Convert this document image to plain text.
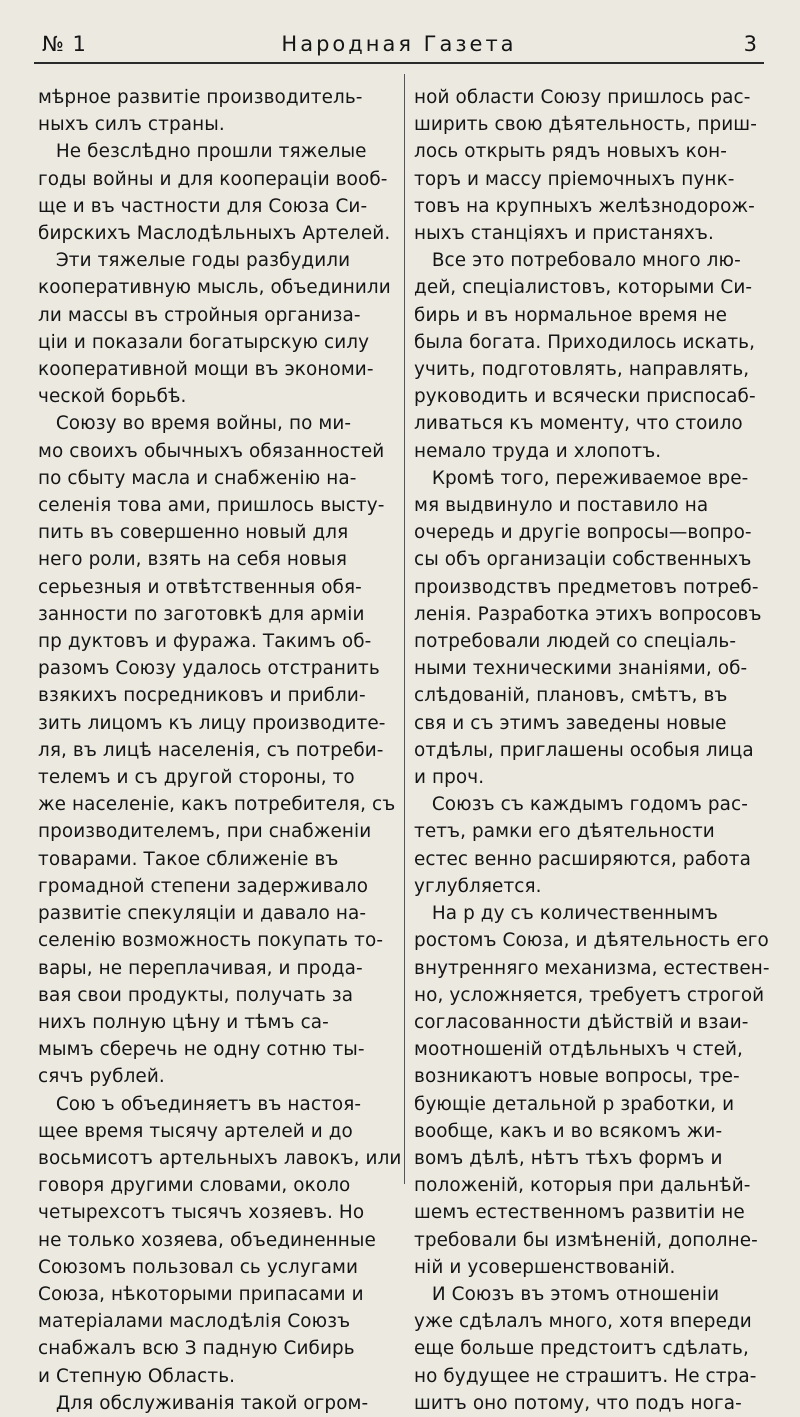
№ 1	Народная Газета	3

мѣрное развитіе производитель-
ныхъ силъ страны.
Не безслѣдно прошли тяжелые
годы войны и для коопераціи вооб-
ще и въ частности для Союза Си-
бирскихъ Маслодѣльныхъ Артелей.
Эти тяжелые годы разбудили
кооперативную мысль, объединили
ли массы въ стройныя организа-
ціи и показали богатырскую силу
кооперативной мощи въ экономи-
ческой борьбѣ.
Союзу во время войны, по ми-
мо своихъ обычныхъ обязанностей
по сбыту масла и снабженію на-
селенія това ами, пришлось высту-
пить въ совершенно новый для
него роли, взять на себя новыя
серьезныя и отвѣтственныя обя-
занности по заготовкѣ для арміи
пр дуктовъ и фуража. Такимъ об-
разомъ Союзу удалось отстранить
взякихъ посредниковъ и прибли-
зить лицомъ къ лицу производите-
ля, въ лицѣ населенія, съ потреби-
телемъ и съ другой стороны, то
же населеніе, какъ потребителя, съ
производителемъ, при снабженіи
товарами. Такое сближеніе въ
громадной степени задерживало
развитіе спекуляціи и давало на-
селенію возможность покупать то-
вары, не переплачивая, и прода-
вая свои продукты, получать за
нихъ полную цѣну и тѣмъ са-
мымъ сберечь не одну сотню ты-
сячъ рублей.
Сою ъ объединяетъ въ настоя-
щее время тысячу артелей и до
восьмисотъ артельныхъ лавокъ, или
говоря другими словами, около
четырехсотъ тысячъ хозяевъ. Но
не только хозяева, объединенные
Союзомъ пользовал сь услугами
Союза, нѣкоторыми припасами и
матеріалами маслодѣлія Союзъ
снабжалъ всю З падную Сибирь
и Степную Область.
Для обслуживанія такой огром-

ной области Союзу пришлось рас-
ширить свою дѣятельность, приш-
лось открыть рядъ новыхъ кон-
торъ и массу пріемочныхъ пунк-
товъ на крупныхъ желѣзнодорож-
ныхъ станціяхъ и пристаняхъ.
Все это потребовало много лю-
дей, спеціалистовъ, которыми Си-
бирь и въ нормальное время не
была богата. Приходилось искать,
учить, подготовлять, направлять,
руководить и всячески приспосаб-
ливаться къ моменту, что стоило
немало труда и хлопотъ.
Кромѣ того, переживаемое вре-
мя выдвинуло и поставило на
очередь и другіе вопросы—вопро-
сы объ организаціи собственныхъ
производствъ предметовъ потреб-
ленія. Разработка этихъ вопросовъ
потребовали людей со спеціаль-
ными техническими знаніями, об-
слѣдованій, плановъ, смѣтъ, въ
свя и съ этимъ заведены новые
отдѣлы, приглашены особыя лица
и проч.
Союзъ съ каждымъ годомъ рас-
тетъ, рамки его дѣятельности
естес венно расширяются, работа
углубляется.
На р ду съ количественнымъ
ростомъ Союза, и дѣятельность его
внутренняго механизма, естествен-
но, усложняется, требуетъ строгой
согласованности дѣйствій и взаи-
моотношеній отдѣльныхъ ч стей,
возникаютъ новые вопросы, тре-
бующіе детальной р зработки, и
вообще, какъ и во всякомъ жи-
вомъ дѣлѣ, нѣтъ тѣхъ формъ и
положеній, которыя при дальнѣй-
шемъ естественномъ развитіи не
требовали бы измѣненій, дополне-
ній и усовершенствованій.
И Союзъ въ этомъ отношеніи
уже сдѣлалъ много, хотя впереди
еще больше предстоитъ сдѣлать,
но будущее не страшитъ. Не стра-
шитъ оно потому, что подъ нога-
